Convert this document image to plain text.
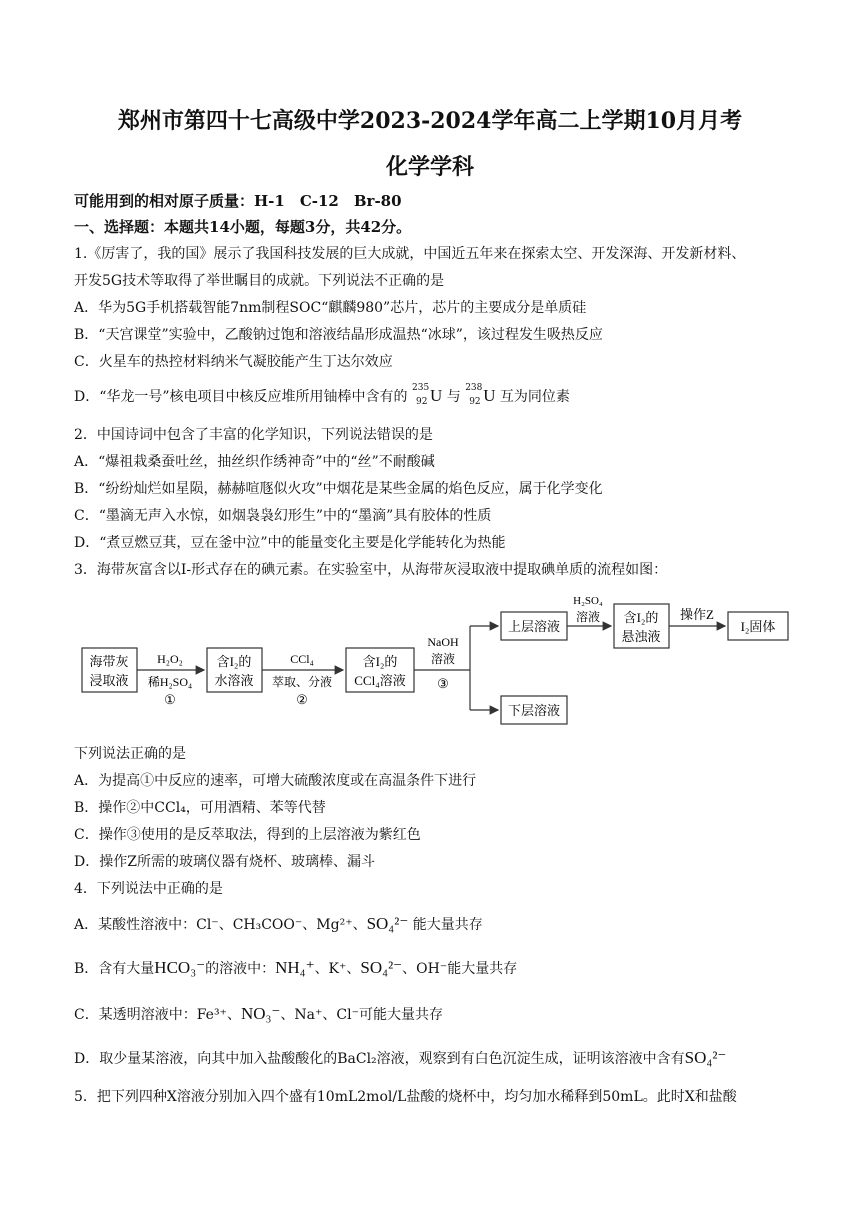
郑州市第四十七高级中学2023-2024学年高二上学期10月月考
化学学科
可能用到的相对原子质量：H-1　C-12　Br-80
一、选择题：本题共14小题，每题3分，共42分。
1.《厉害了，我的国》展示了我国科技发展的巨大成就，中国近五年来在探索太空、开发深海、开发新材料、
开发5G技术等取得了举世瞩目的成就。下列说法不正确的是
A．华为5G手机搭载智能7nm制程SOC“麒麟980”芯片，芯片的主要成分是单质硅
B．“天宫课堂”实验中，乙酸钠过饱和溶液结晶形成温热“冰球”，该过程发生吸热反应
C．火星车的热控材料纳米气凝胶能产生丁达尔效应
D．“华龙一号”核电项目中核反应堆所用铀棒中含有的
235
92 U 与
238
92 U 互为同位素
2．中国诗词中包含了丰富的化学知识，下列说法错误的是
A．“爆祖栽桑蚕吐丝，抽丝织作绣神奇”中的“丝”不耐酸碱
B．“纷纷灿烂如星陨，赫赫喧豗似火攻”中烟花是某些金属的焰色反应，属于化学变化
C．“墨滴无声入水惊，如烟袅袅幻形生”中的“墨滴”具有胶体的性质
D．“煮豆燃豆萁，豆在釜中泣”中的能量变化主要是化学能转化为热能
3．海带灰富含以I-形式存在的碘元素。在实验室中，从海带灰浸取液中提取碘单质的流程如图：
海带灰
浸取液
H₂O₂
稀H₂SO₄
①
含I₂的
水溶液
CCl₄
萃取、分液
②
含I₂的
CCl₄溶液
NaOH
溶液
③
上层溶液
下层溶液
H₂SO₄
溶液 含I₂的
悬浊液
操作Z
I₂固体
下列说法正确的是
A．为提高①中反应的速率，可增大硫酸浓度或在高温条件下进行
B．操作②中CCl₄，可用酒精、苯等代替
C．操作③使用的是反萃取法，得到的上层溶液为紫红色
D．操作Z所需的玻璃仪器有烧杯、玻璃棒、漏斗
4．下列说法中正确的是
A．某酸性溶液中：Cl⁻、CH₃COO⁻、Mg²⁺、SO₄²⁻ 能大量共存
B．含有大量HCO₃⁻的溶液中：NH₄⁺、K⁺、SO₄²⁻、OH⁻能大量共存
C．某透明溶液中：Fe³⁺、NO₃⁻、Na⁺、Cl⁻可能大量共存
D．取少量某溶液，向其中加入盐酸酸化的BaCl₂溶液，观察到有白色沉淀生成，证明该溶液中含有SO₄²⁻
5．把下列四种X溶液分别加入四个盛有10mL2mol/L盐酸的烧杯中，均匀加水稀释到50mL。此时X和盐酸
